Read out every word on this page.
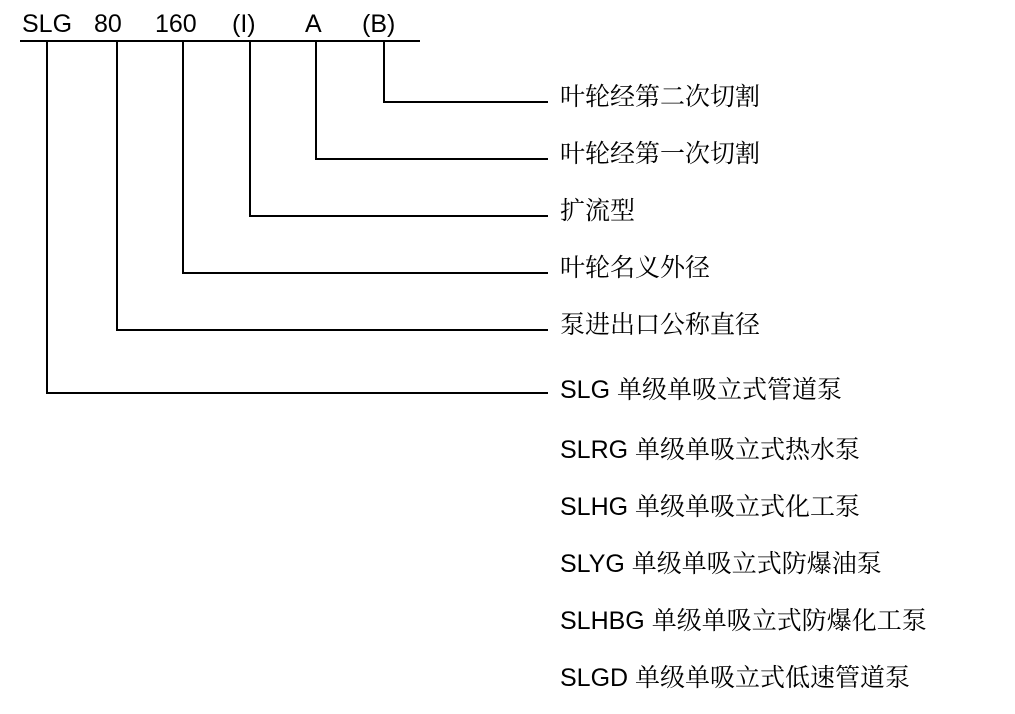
SLG 80 160 (I) A (B)
叶轮经第二次切割
叶轮经第一次切割
扩流型
叶轮名义外径
泵进出口公称直径
SLG 单级单吸立式管道泵
SLRG 单级单吸立式热水泵
SLHG 单级单吸立式化工泵
SLYG 单级单吸立式防爆油泵
SLHBG 单级单吸立式防爆化工泵
SLGD 单级单吸立式低速管道泵
